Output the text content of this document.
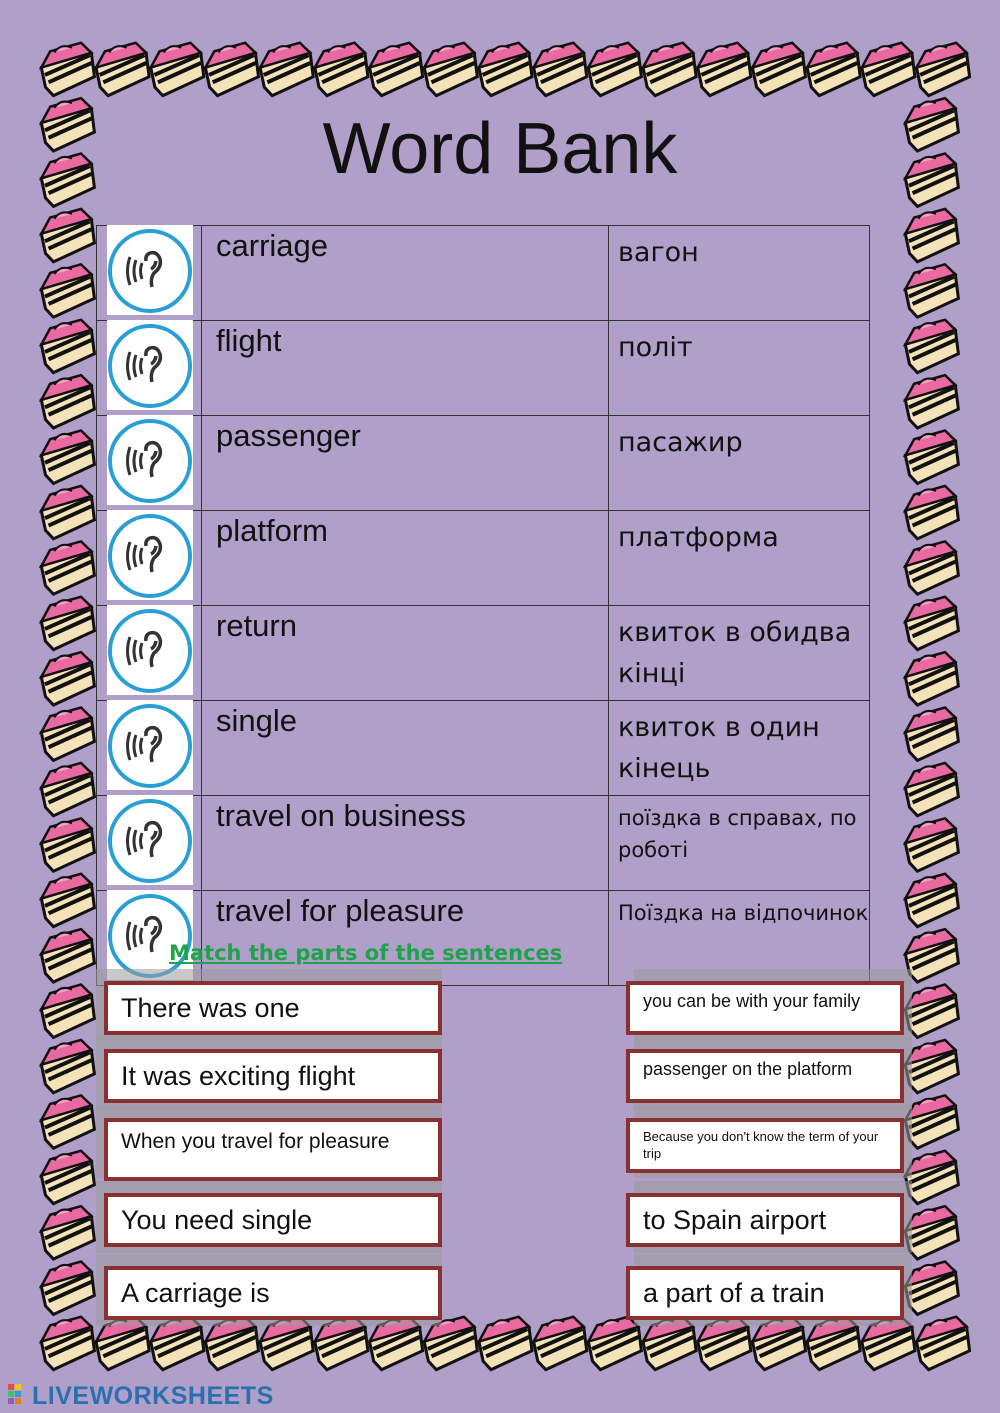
Word Bank
	carriage	вагон

	flight	політ

	passenger	пасажир

	platform	платформа

	return	квиток в обидва кінці

	single	квиток в один кінець

	travel on business	поїздка в справах, по роботі

	travel for pleasure	Поїздка на відпочинок
Match the parts of the sentences
There was one
It was exciting flight
When you travel for pleasure
You need single
A carriage is
you can be with your family
passenger on the platform
Because you don't know the term of your trip
to Spain airport
a part of a train
LIVEWORKSHEETS
